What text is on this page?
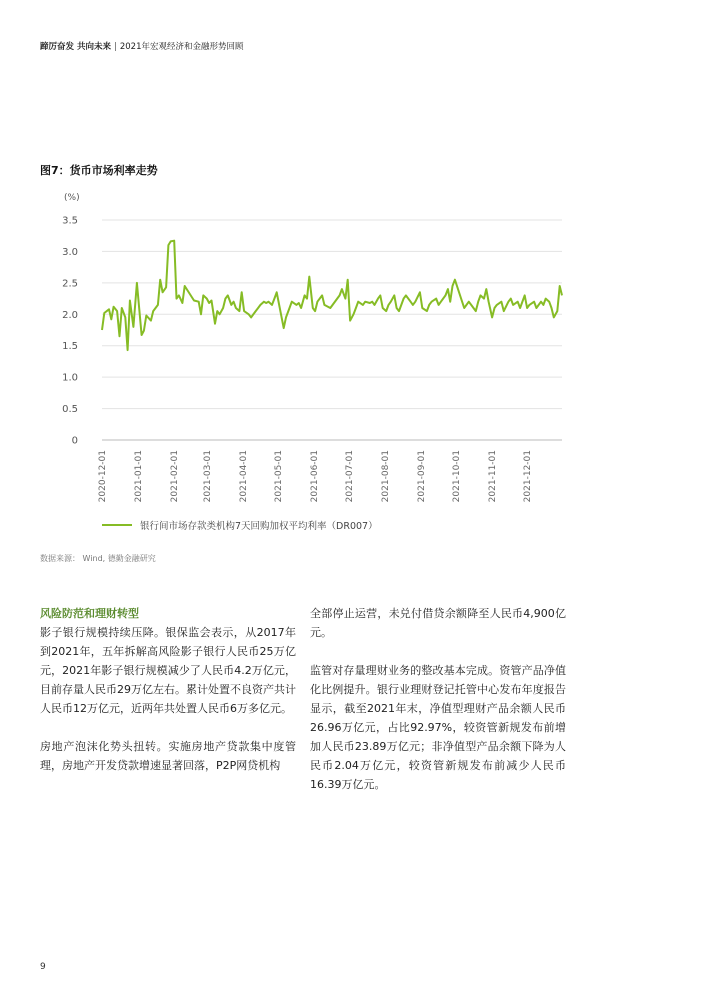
蹄厉奋发 共向未来 | 2021年宏观经济和金融形势回顾
图7：货币市场利率走势
(%)
0
0.5
1.0
1.5
2.0
2.5
3.0
3.5
2020-12-01	2021-01-01	2021-02-01	2021-03-01	2021-04-01	2021-05-01	2021-06-01	2021-07-01	2021-08-01	2021-09-01	2021-10-01	2021-11-01	2021-12-01
银行间市场存款类机构7天回购加权平均利率（DR007）
数据来源： Wind, 德勤金融研究
风险防范和理财转型

影子银行规模持续压降。银保监会表示，从2017年到2021年，五年拆解高风险影子银行人民币25万亿元，2021年影子银行规模减少了人民币4.2万亿元，目前存量人民币29万亿左右。累计处置不良资产共计人民币12万亿元，近两年共处置人民币6万多亿元。

房地产泡沫化势头扭转。实施房地产贷款集中度管理，房地产开发贷款增速显著回落，P2P网贷机构

全部停止运营，未兑付借贷余额降至人民币4,900亿元。

监管对存量理财业务的整改基本完成。资管产品净值化比例提升。银行业理财登记托管中心发布年度报告显示，截至2021年末，净值型理财产品余额人民币26.96万亿元，占比92.97%，较资管新规发布前增加人民币23.89万亿元；非净值型产品余额下降为人民币2.04万亿元，较资管新规发布前减少人民币16.39万亿元。

9
